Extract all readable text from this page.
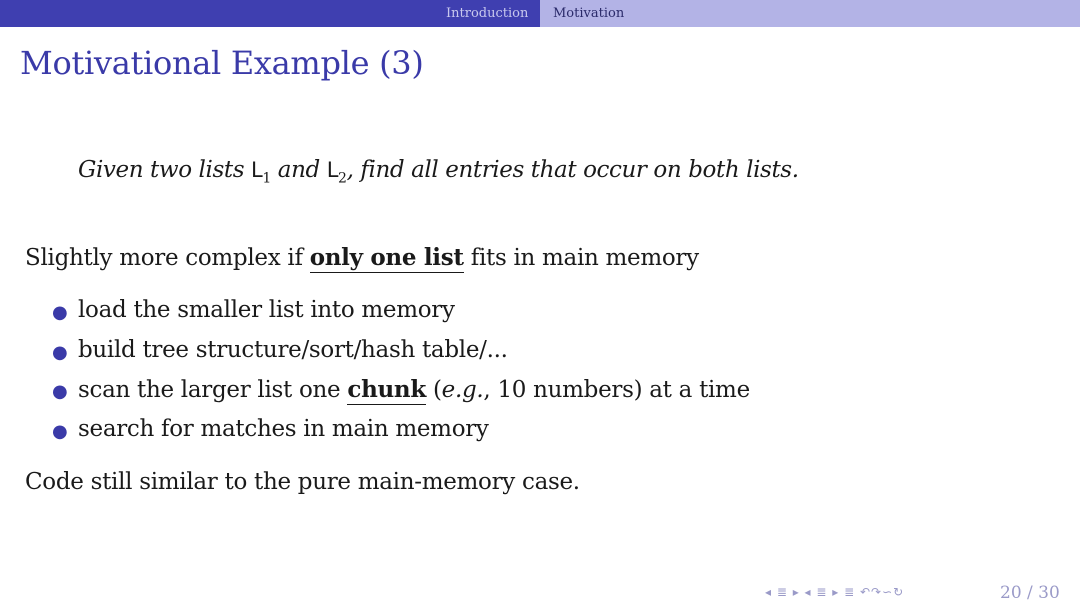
Introduction	Motivation
Motivational Example (3)
Given two lists $L_1$ and $L_2$, find all entries that occur on both lists.
Slightly more complex if only one list fits in main memory
● load the smaller list into memory
● build tree structure/sort/hash table/...
● scan the larger list one chunk (e.g., 10 numbers) at a time
● search for matches in main memory
Code still similar to the pure main-memory case.
◂ ≣ ▸ ◂ ≣ ▸ ≣ ↶↷∽↻	20 / 30
